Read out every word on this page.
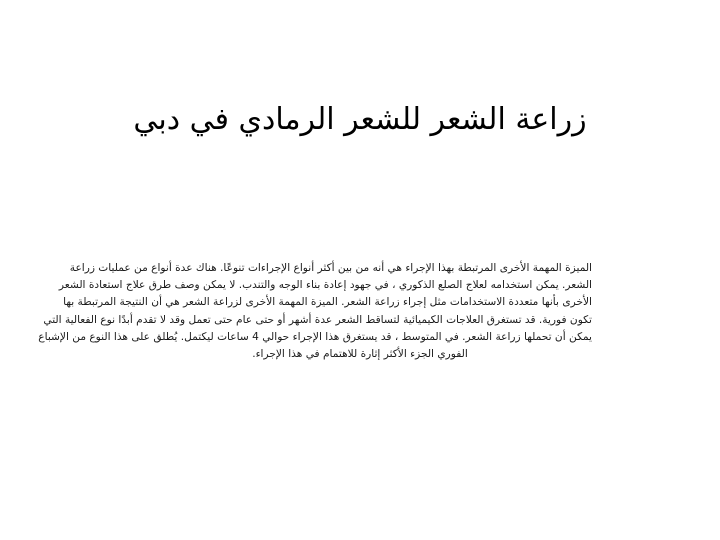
زراعة الشعر للشعر الرمادي في دبي
الميزة المهمة الأخرى المرتبطة بهذا الإجراء هي أنه من بين أكثر أنواع الإجراءات تنوعًا. هناك عدة أنواع من عمليات زراعة
الشعر. يمكن استخدامه لعلاج الصلع الذكوري ، في جهود إعادة بناء الوجه والتندب. لا يمكن وصف طرق علاج استعادة الشعر
الأخرى بأنها متعددة الاستخدامات مثل إجراء زراعة الشعر. الميزة المهمة الأخرى لزراعة الشعر هي أن النتيجة المرتبطة بها
تكون فورية. قد تستغرق العلاجات الكيميائية لتساقط الشعر عدة أشهر أو حتى عام حتى تعمل وقد لا تقدم أبدًا نوع الفعالية التي
يمكن أن تحملها زراعة الشعر. في المتوسط ، قد يستغرق هذا الإجراء حوالي 4 ساعات ليكتمل. يُطلق على هذا النوع من الإشباع
الفوري الجزء الأكثر إثارة للاهتمام في هذا الإجراء.
